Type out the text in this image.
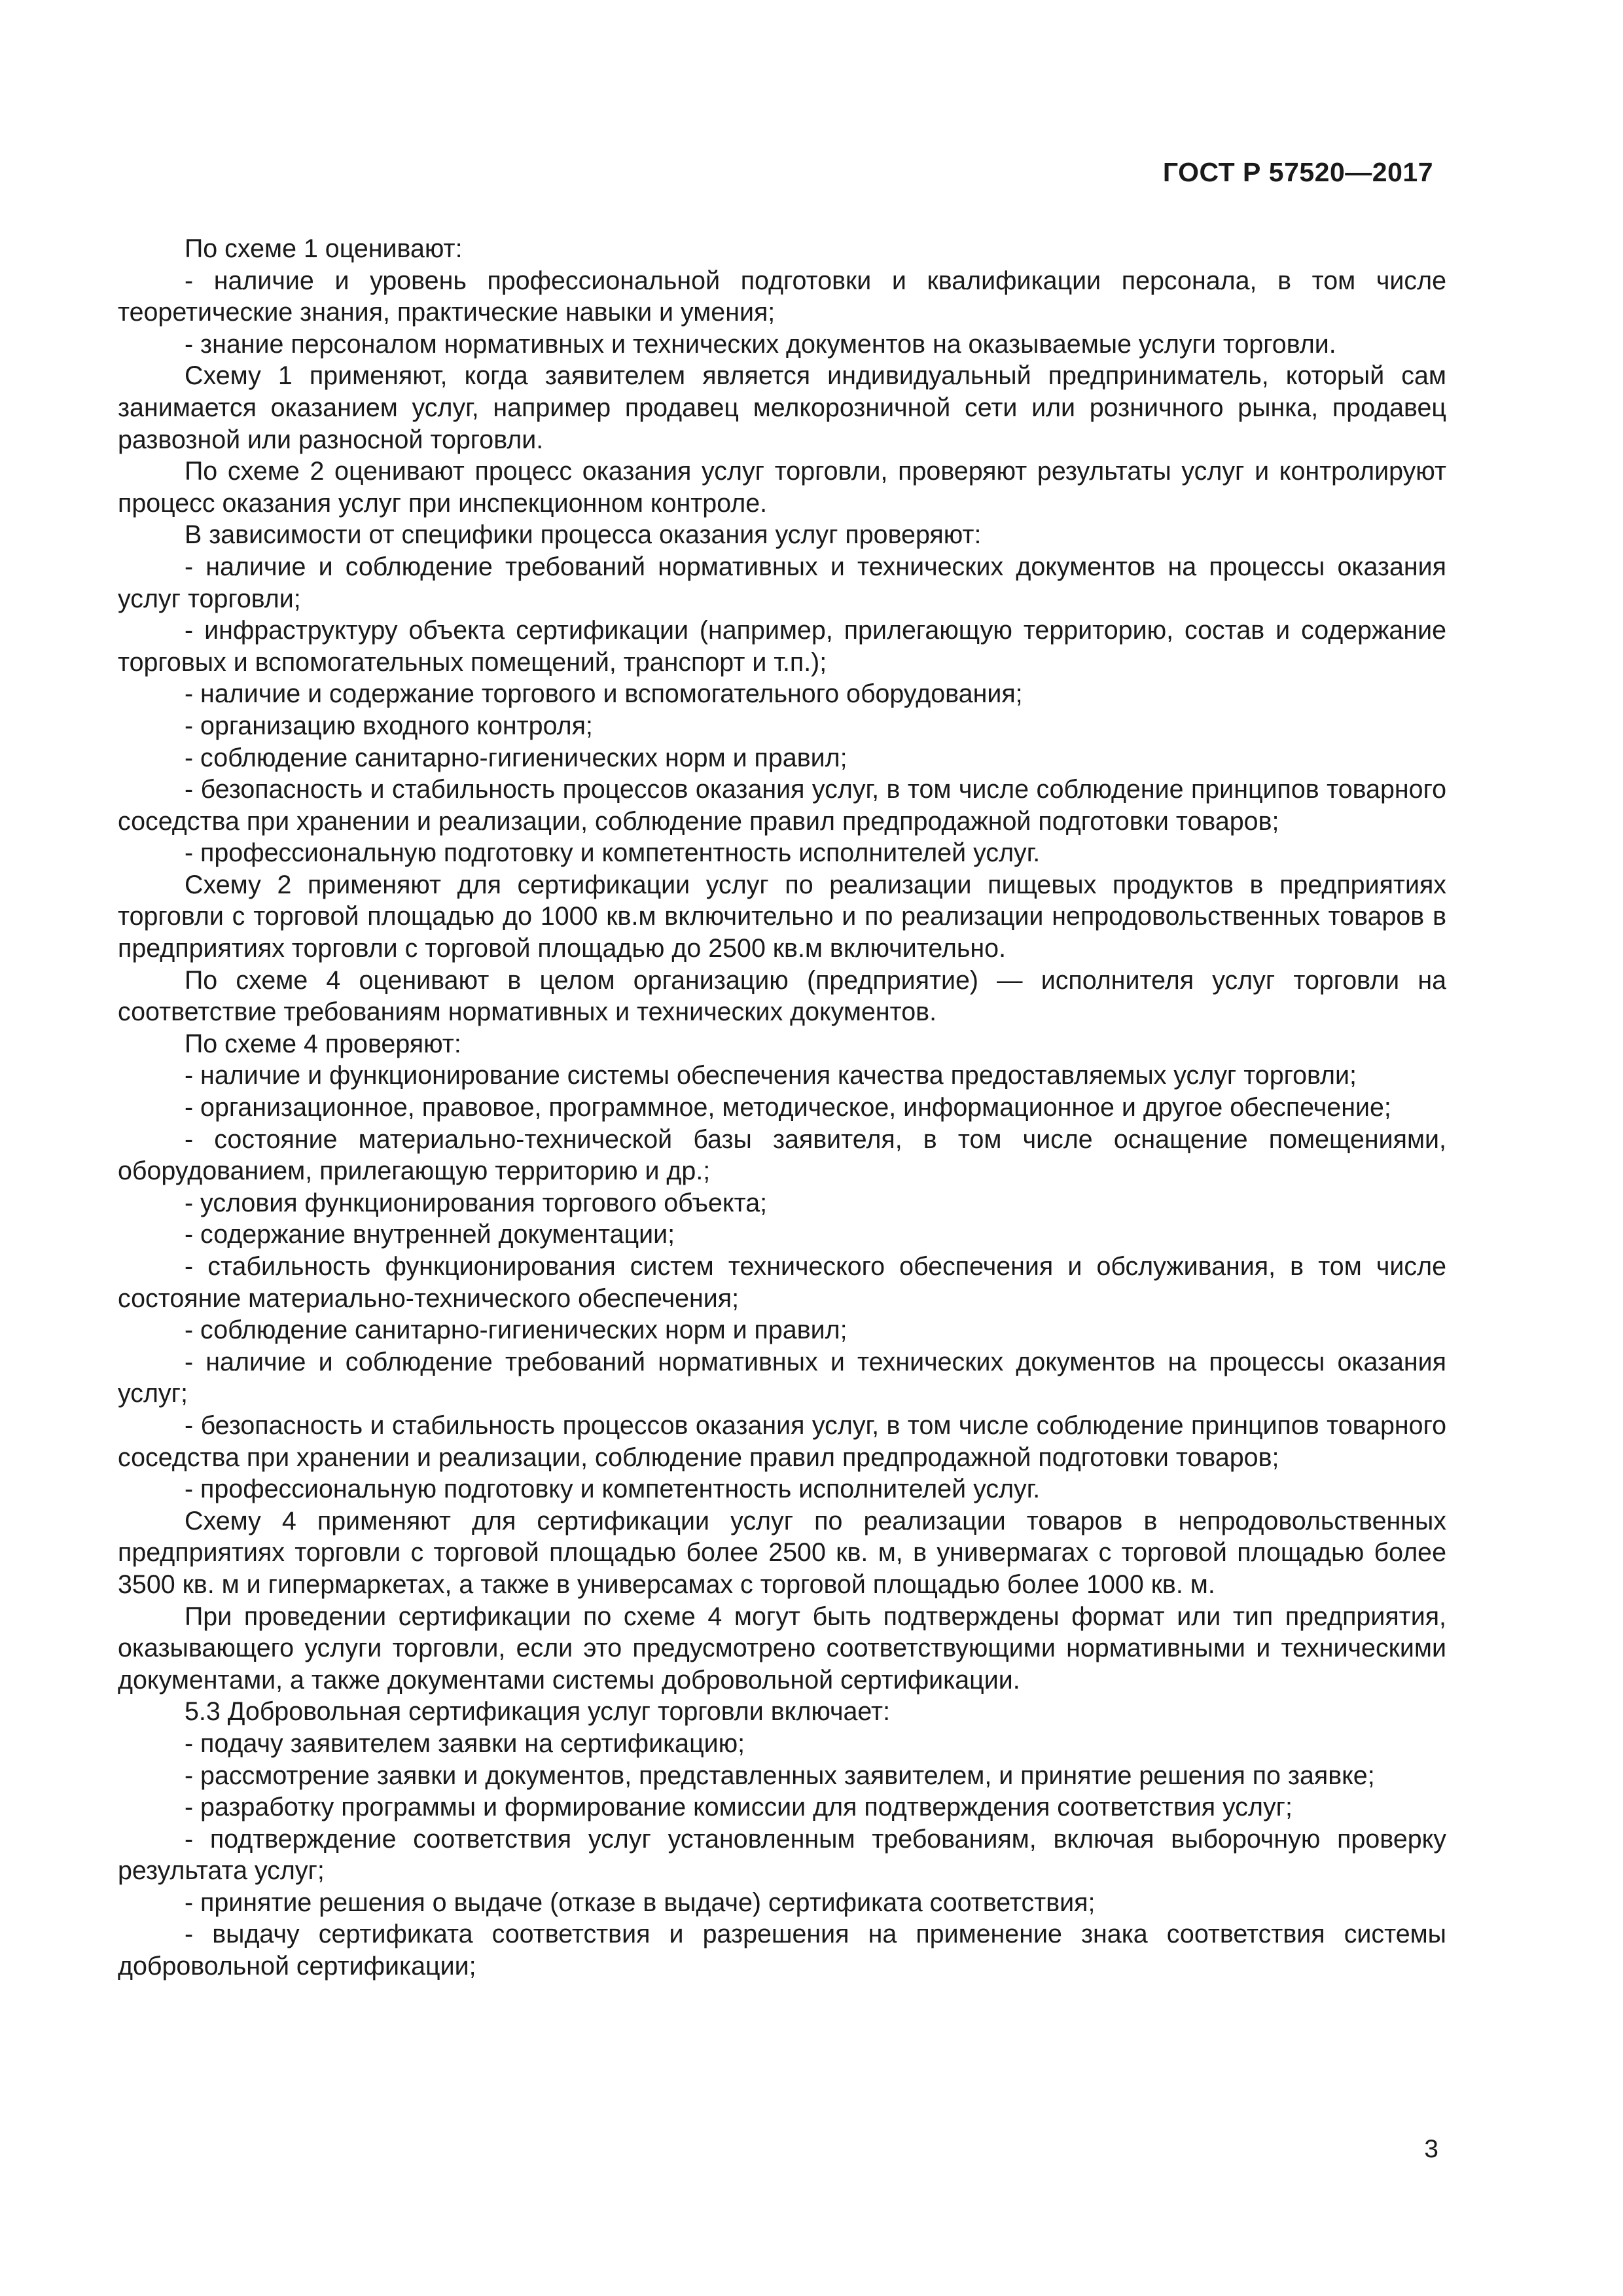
ГОСТ Р 57520—2017

По схеме 1 оценивают:

- наличие и уровень профессиональной подготовки и квалификации персонала, в том числе теоретические знания, практические навыки и умения;

- знание персоналом нормативных и технических документов на оказываемые услуги торговли.

Схему 1 применяют, когда заявителем является индивидуальный предприниматель, который сам занимается оказанием услуг, например продавец мелкорозничной сети или розничного рынка, продавец развозной или разносной торговли.

По схеме 2 оценивают процесс оказания услуг торговли, проверяют результаты услуг и контролируют процесс оказания услуг при инспекционном контроле.

В зависимости от специфики процесса оказания услуг проверяют:

- наличие и соблюдение требований нормативных и технических документов на процессы оказания услуг торговли;

- инфраструктуру объекта сертификации (например, прилегающую территорию, состав и содержание торговых и вспомогательных помещений, транспорт и т.п.);

- наличие и содержание торгового и вспомогательного оборудования;

- организацию входного контроля;

- соблюдение санитарно-гигиенических норм и правил;

- безопасность и стабильность процессов оказания услуг, в том числе соблюдение принципов товарного соседства при хранении и реализации, соблюдение правил предпродажной подготовки товаров;

- профессиональную подготовку и компетентность исполнителей услуг.

Схему 2 применяют для сертификации услуг по реализации пищевых продуктов в предприятиях торговли с торговой площадью до 1000 кв.м включительно и по реализации непродовольственных товаров в предприятиях торговли с торговой площадью до 2500 кв.м включительно.

По схеме 4 оценивают в целом организацию (предприятие) — исполнителя услуг торговли на соответствие требованиям нормативных и технических документов.

По схеме 4 проверяют:

- наличие и функционирование системы обеспечения качества предоставляемых услуг торговли;

- организационное, правовое, программное, методическое, информационное и другое обеспечение;

- состояние материально-технической базы заявителя, в том числе оснащение помещениями, оборудованием, прилегающую территорию и др.;

- условия функционирования торгового объекта;

- содержание внутренней документации;

- стабильность функционирования систем технического обеспечения и обслуживания, в том числе состояние материально-технического обеспечения;

- соблюдение санитарно-гигиенических норм и правил;

- наличие и соблюдение требований нормативных и технических документов на процессы оказания услуг;

- безопасность и стабильность процессов оказания услуг, в том числе соблюдение принципов товарного соседства при хранении и реализации, соблюдение правил предпродажной подготовки товаров;

- профессиональную подготовку и компетентность исполнителей услуг.

Схему 4 применяют для сертификации услуг по реализации товаров в непродовольственных предприятиях торговли с торговой площадью более 2500 кв. м, в универмагах с торговой площадью более 3500 кв. м и гипермаркетах, а также в универсамах с торговой площадью более 1000 кв. м.

При проведении сертификации по схеме 4 могут быть подтверждены формат или тип предприятия, оказывающего услуги торговли, если это предусмотрено соответствующими нормативными и техническими документами, а также документами системы добровольной сертификации.

5.3 Добровольная сертификация услуг торговли включает:

- подачу заявителем заявки на сертификацию;

- рассмотрение заявки и документов, представленных заявителем, и принятие решения по заявке;

- разработку программы и формирование комиссии для подтверждения соответствия услуг;

- подтверждение соответствия услуг установленным требованиям, включая выборочную проверку результата услуг;

- принятие решения о выдаче (отказе в выдаче) сертификата соответствия;

- выдачу сертификата соответствия и разрешения на применение знака соответствия системы добровольной сертификации;

3
